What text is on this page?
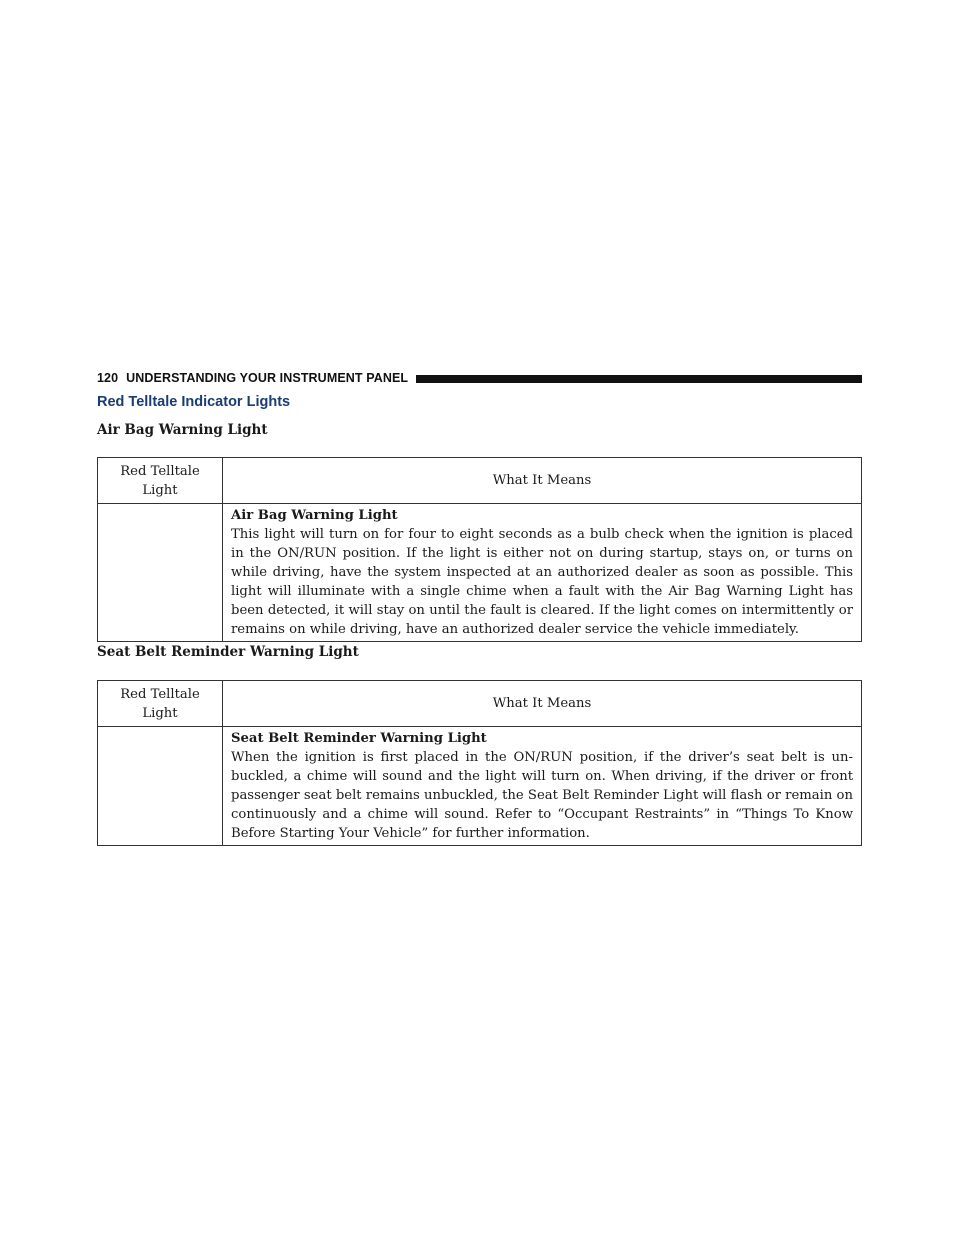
120 UNDERSTANDING YOUR INSTRUMENT PANEL
Red Telltale Indicator Lights
Air Bag Warning Light
Red Telltale Light	What It Means

	Air Bag Warning Light
This light will turn on for four to eight seconds as a bulb check when the ignition is placed in the ON/RUN position. If the light is either not on during startup, stays on, or turns on while driving, have the system inspected at an authorized dealer as soon as possible. This light will illuminate with a single chime when a fault with the Air Bag Warning Light has been detected, it will stay on until the fault is cleared. If the light comes on intermittently or remains on while driving, have an authorized dealer service the vehicle immediately.
Seat Belt Reminder Warning Light
Red Telltale Light	What It Means

	Seat Belt Reminder Warning Light
When the ignition is first placed in the ON/RUN position, if the driver’s seat belt is un-buckled, a chime will sound and the light will turn on. When driving, if the driver or front passenger seat belt remains unbuckled, the Seat Belt Reminder Light will flash or remain on continuously and a chime will sound. Refer to “Occupant Restraints” in “Things To Know Before Starting Your Vehicle” for further information.
